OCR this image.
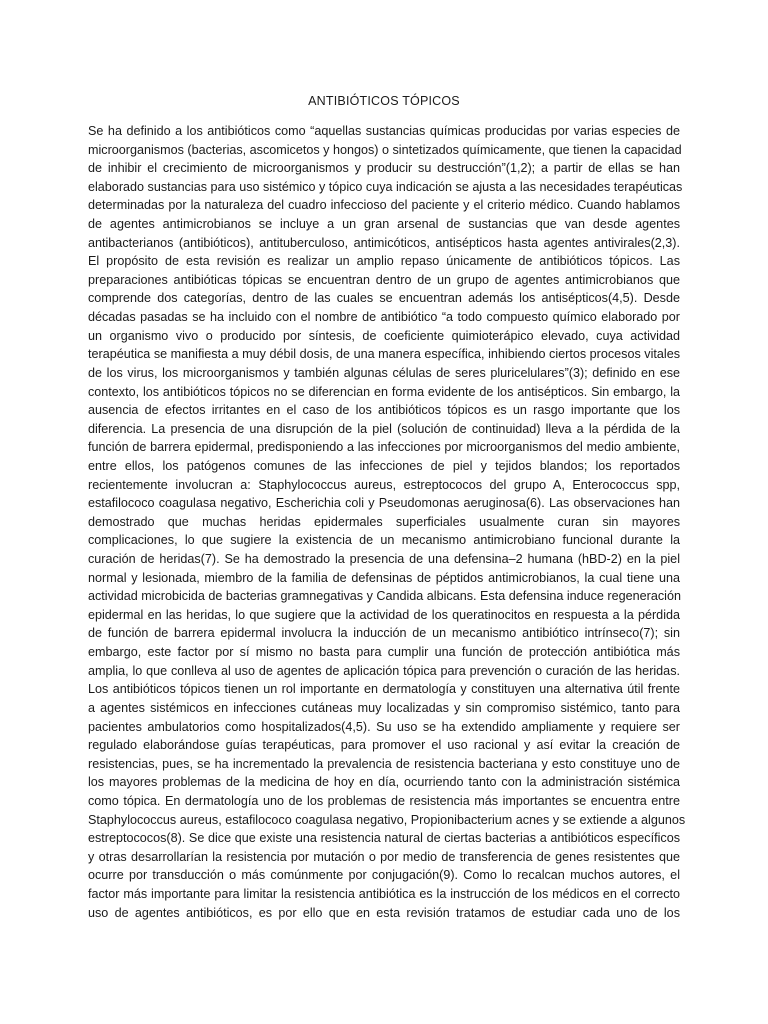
ANTIBIÓTICOS TÓPICOS
Se ha definido a los antibióticos como “aquellas sustancias químicas producidas por varias especies de
microorganismos (bacterias, ascomicetos y hongos) o sintetizados químicamente, que tienen la capacidad
de inhibir el crecimiento de microorganismos y producir su destrucción”(1,2); a partir de ellas se han
elaborado sustancias para uso sistémico y tópico cuya indicación se ajusta a las necesidades terapéuticas
determinadas por la naturaleza del cuadro infeccioso del paciente y el criterio médico. Cuando hablamos
de agentes antimicrobianos se incluye a un gran arsenal de sustancias que van desde agentes
antibacterianos (antibióticos), antituberculoso, antimicóticos, antisépticos hasta agentes antivirales(2,3).
El propósito de esta revisión es realizar un amplio repaso únicamente de antibióticos tópicos. Las
preparaciones antibióticas tópicas se encuentran dentro de un grupo de agentes antimicrobianos que
comprende dos categorías, dentro de las cuales se encuentran además los antisépticos(4,5). Desde
décadas pasadas se ha incluido con el nombre de antibiótico “a todo compuesto químico elaborado por
un organismo vivo o producido por síntesis, de coeficiente quimioterápico elevado, cuya actividad
terapéutica se manifiesta a muy débil dosis, de una manera específica, inhibiendo ciertos procesos vitales
de los virus, los microorganismos y también algunas células de seres pluricelulares”(3); definido en ese
contexto, los antibióticos tópicos no se diferencian en forma evidente de los antisépticos. Sin embargo, la
ausencia de efectos irritantes en el caso de los antibióticos tópicos es un rasgo importante que los
diferencia. La presencia de una disrupción de la piel (solución de continuidad) lleva a la pérdida de la
función de barrera epidermal, predisponiendo a las infecciones por microorganismos del medio ambiente,
entre ellos, los patógenos comunes de las infecciones de piel y tejidos blandos; los reportados
recientemente involucran a: Staphylococcus aureus, estreptococos del grupo A, Enterococcus spp,
estafilococo coagulasa negativo, Escherichia coli y Pseudomonas aeruginosa(6). Las observaciones han
demostrado que muchas heridas epidermales superficiales usualmente curan sin mayores
complicaciones, lo que sugiere la existencia de un mecanismo antimicrobiano funcional durante la
curación de heridas(7). Se ha demostrado la presencia de una defensina–2 humana (hBD-2) en la piel
normal y lesionada, miembro de la familia de defensinas de péptidos antimicrobianos, la cual tiene una
actividad microbicida de bacterias gramnegativas y Candida albicans. Esta defensina induce regeneración
epidermal en las heridas, lo que sugiere que la actividad de los queratinocitos en respuesta a la pérdida
de función de barrera epidermal involucra la inducción de un mecanismo antibiótico intrínseco(7); sin
embargo, este factor por sí mismo no basta para cumplir una función de protección antibiótica más
amplia, lo que conlleva al uso de agentes de aplicación tópica para prevención o curación de las heridas.
Los antibióticos tópicos tienen un rol importante en dermatología y constituyen una alternativa útil frente
a agentes sistémicos en infecciones cutáneas muy localizadas y sin compromiso sistémico, tanto para
pacientes ambulatorios como hospitalizados(4,5). Su uso se ha extendido ampliamente y requiere ser
regulado elaborándose guías terapéuticas, para promover el uso racional y así evitar la creación de
resistencias, pues, se ha incrementado la prevalencia de resistencia bacteriana y esto constituye uno de
los mayores problemas de la medicina de hoy en día, ocurriendo tanto con la administración sistémica
como tópica. En dermatología uno de los problemas de resistencia más importantes se encuentra entre
Staphylococcus aureus, estafilococo coagulasa negativo, Propionibacterium acnes y se extiende a algunos
estreptococos(8). Se dice que existe una resistencia natural de ciertas bacterias a antibióticos específicos
y otras desarrollarían la resistencia por mutación o por medio de transferencia de genes resistentes que
ocurre por transducción o más comúnmente por conjugación(9). Como lo recalcan muchos autores, el
factor más importante para limitar la resistencia antibiótica es la instrucción de los médicos en el correcto
uso de agentes antibióticos, es por ello que en esta revisión tratamos de estudiar cada uno de los
